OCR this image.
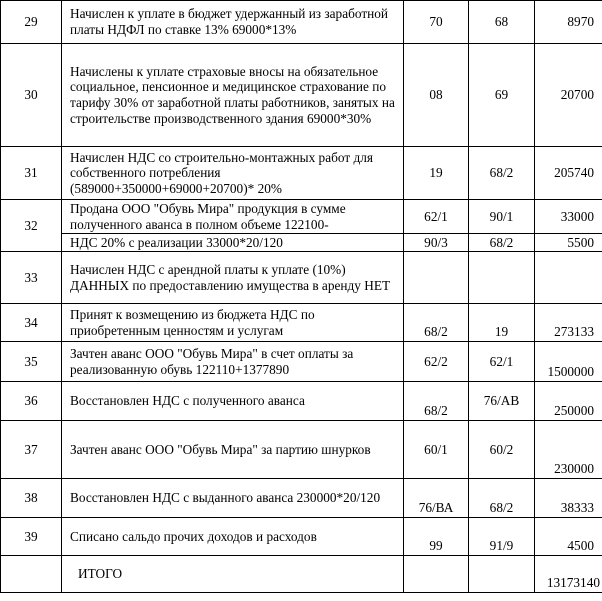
29	Начислен к уплате в бюджет удержанный из заработной платы НДФЛ по ставке 13% 69000*13%	70	68	8970
30	Начислены к уплате страховые вносы на обязательное социальное, пенсионное и медицинское страхование по тарифу 30% от заработной платы работников, занятых на строительстве производственного здания 69000*30%	08	69	20700
31	Начислен НДС со строительно-монтажных работ для собственного потребления (589000+350000+69000+20700)* 20%	19	68/2	205740
32	Продана ООО "Обувь Мира" продукция в сумме полученного аванса в полном объеме 122100-	62/1	90/1	33000
	НДС 20% с реализации 33000*20/120	90/3	68/2	5500
33	Начислен НДС с арендной платы к уплате (10%) ДАННЫХ по предоставлению имущества в аренду НЕТ			
34	Принят к возмещению из бюджета НДС по приобретенным ценностям и услугам	68/2	19	273133
35	Зачтен аванс ООО "Обувь Мира" в счет оплаты за реализованную обувь 122110+1377890	62/2	62/1	1500000
36	Восстановлен НДС с полученного аванса	68/2	76/АВ	250000
37	Зачтен аванс ООО "Обувь Мира" за партию шнурков	60/1	60/2	230000
38	Восстановлен НДС с выданного аванса 230000*20/120	76/ВА	68/2	38333
39	Списано сальдо прочих доходов и расходов	99	91/9	4500
	ИТОГО			13173140
